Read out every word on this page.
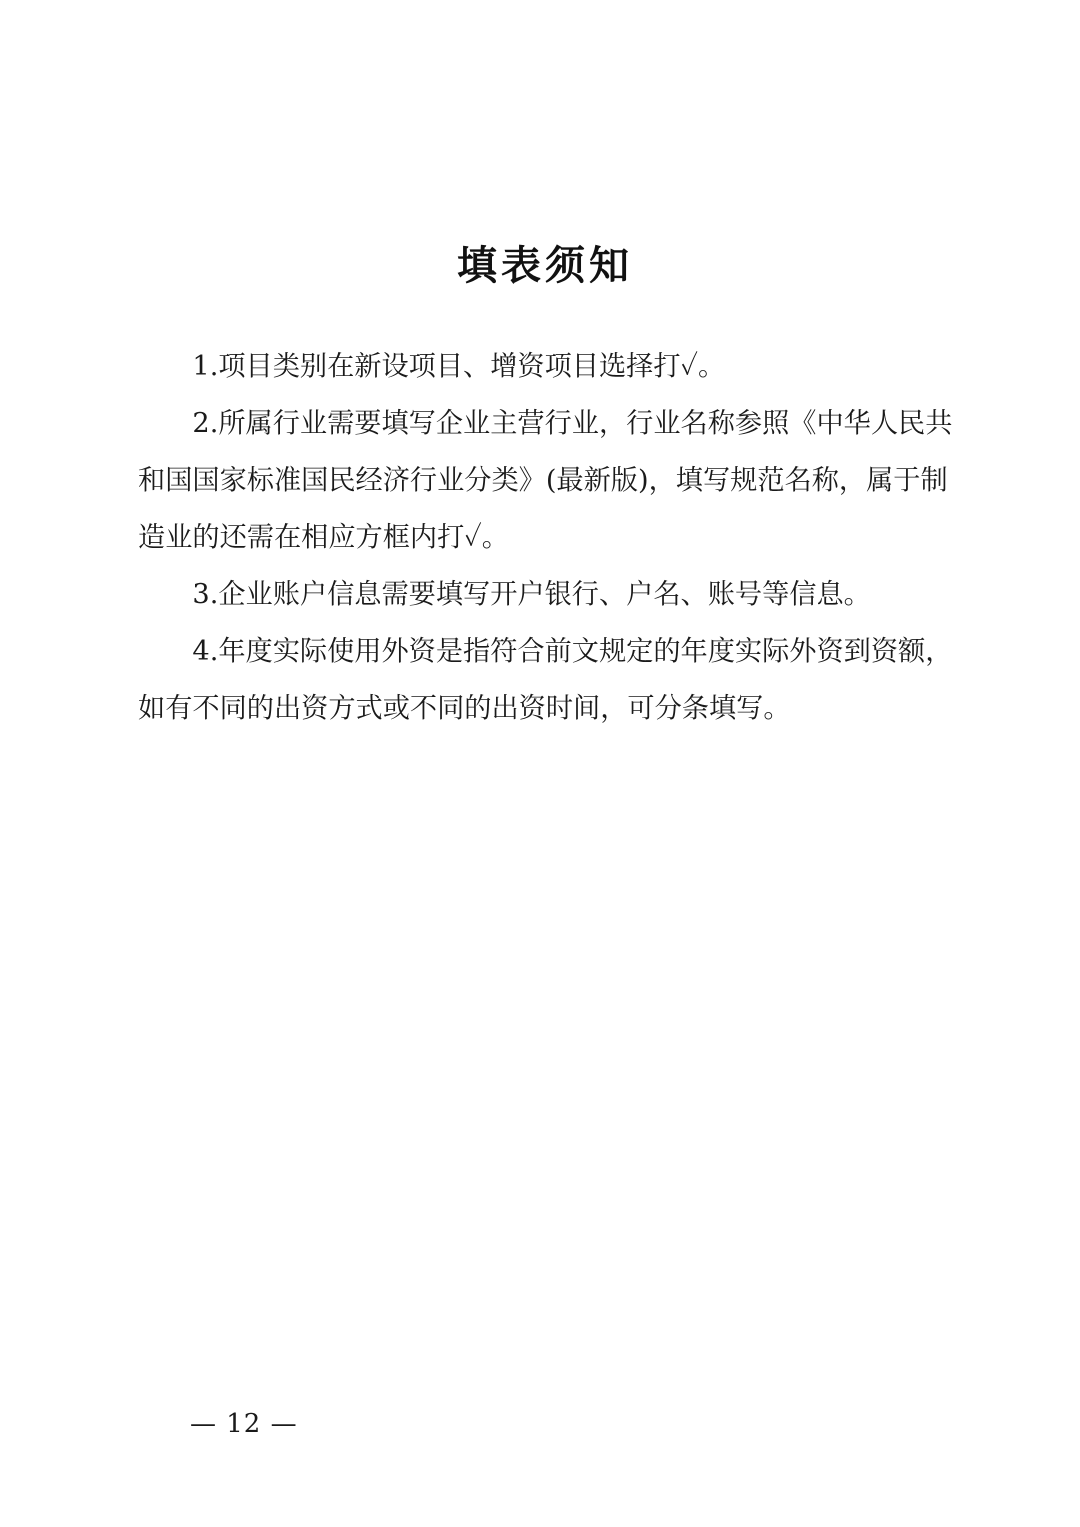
填表须知

1.项目类别在新设项目、增资项目选择打✓。

2.所属行业需要填写企业主营行业，行业名称参照《中华人民共和国国家标准国民经济行业分类》(最新版)，填写规范名称，属于制造业的还需在相应方框内打✓。

3.企业账户信息需要填写开户银行、户名、账号等信息。

4.年度实际使用外资是指符合前文规定的年度实际外资到资额，如有不同的出资方式或不同的出资时间，可分条填写。

— 12 —
